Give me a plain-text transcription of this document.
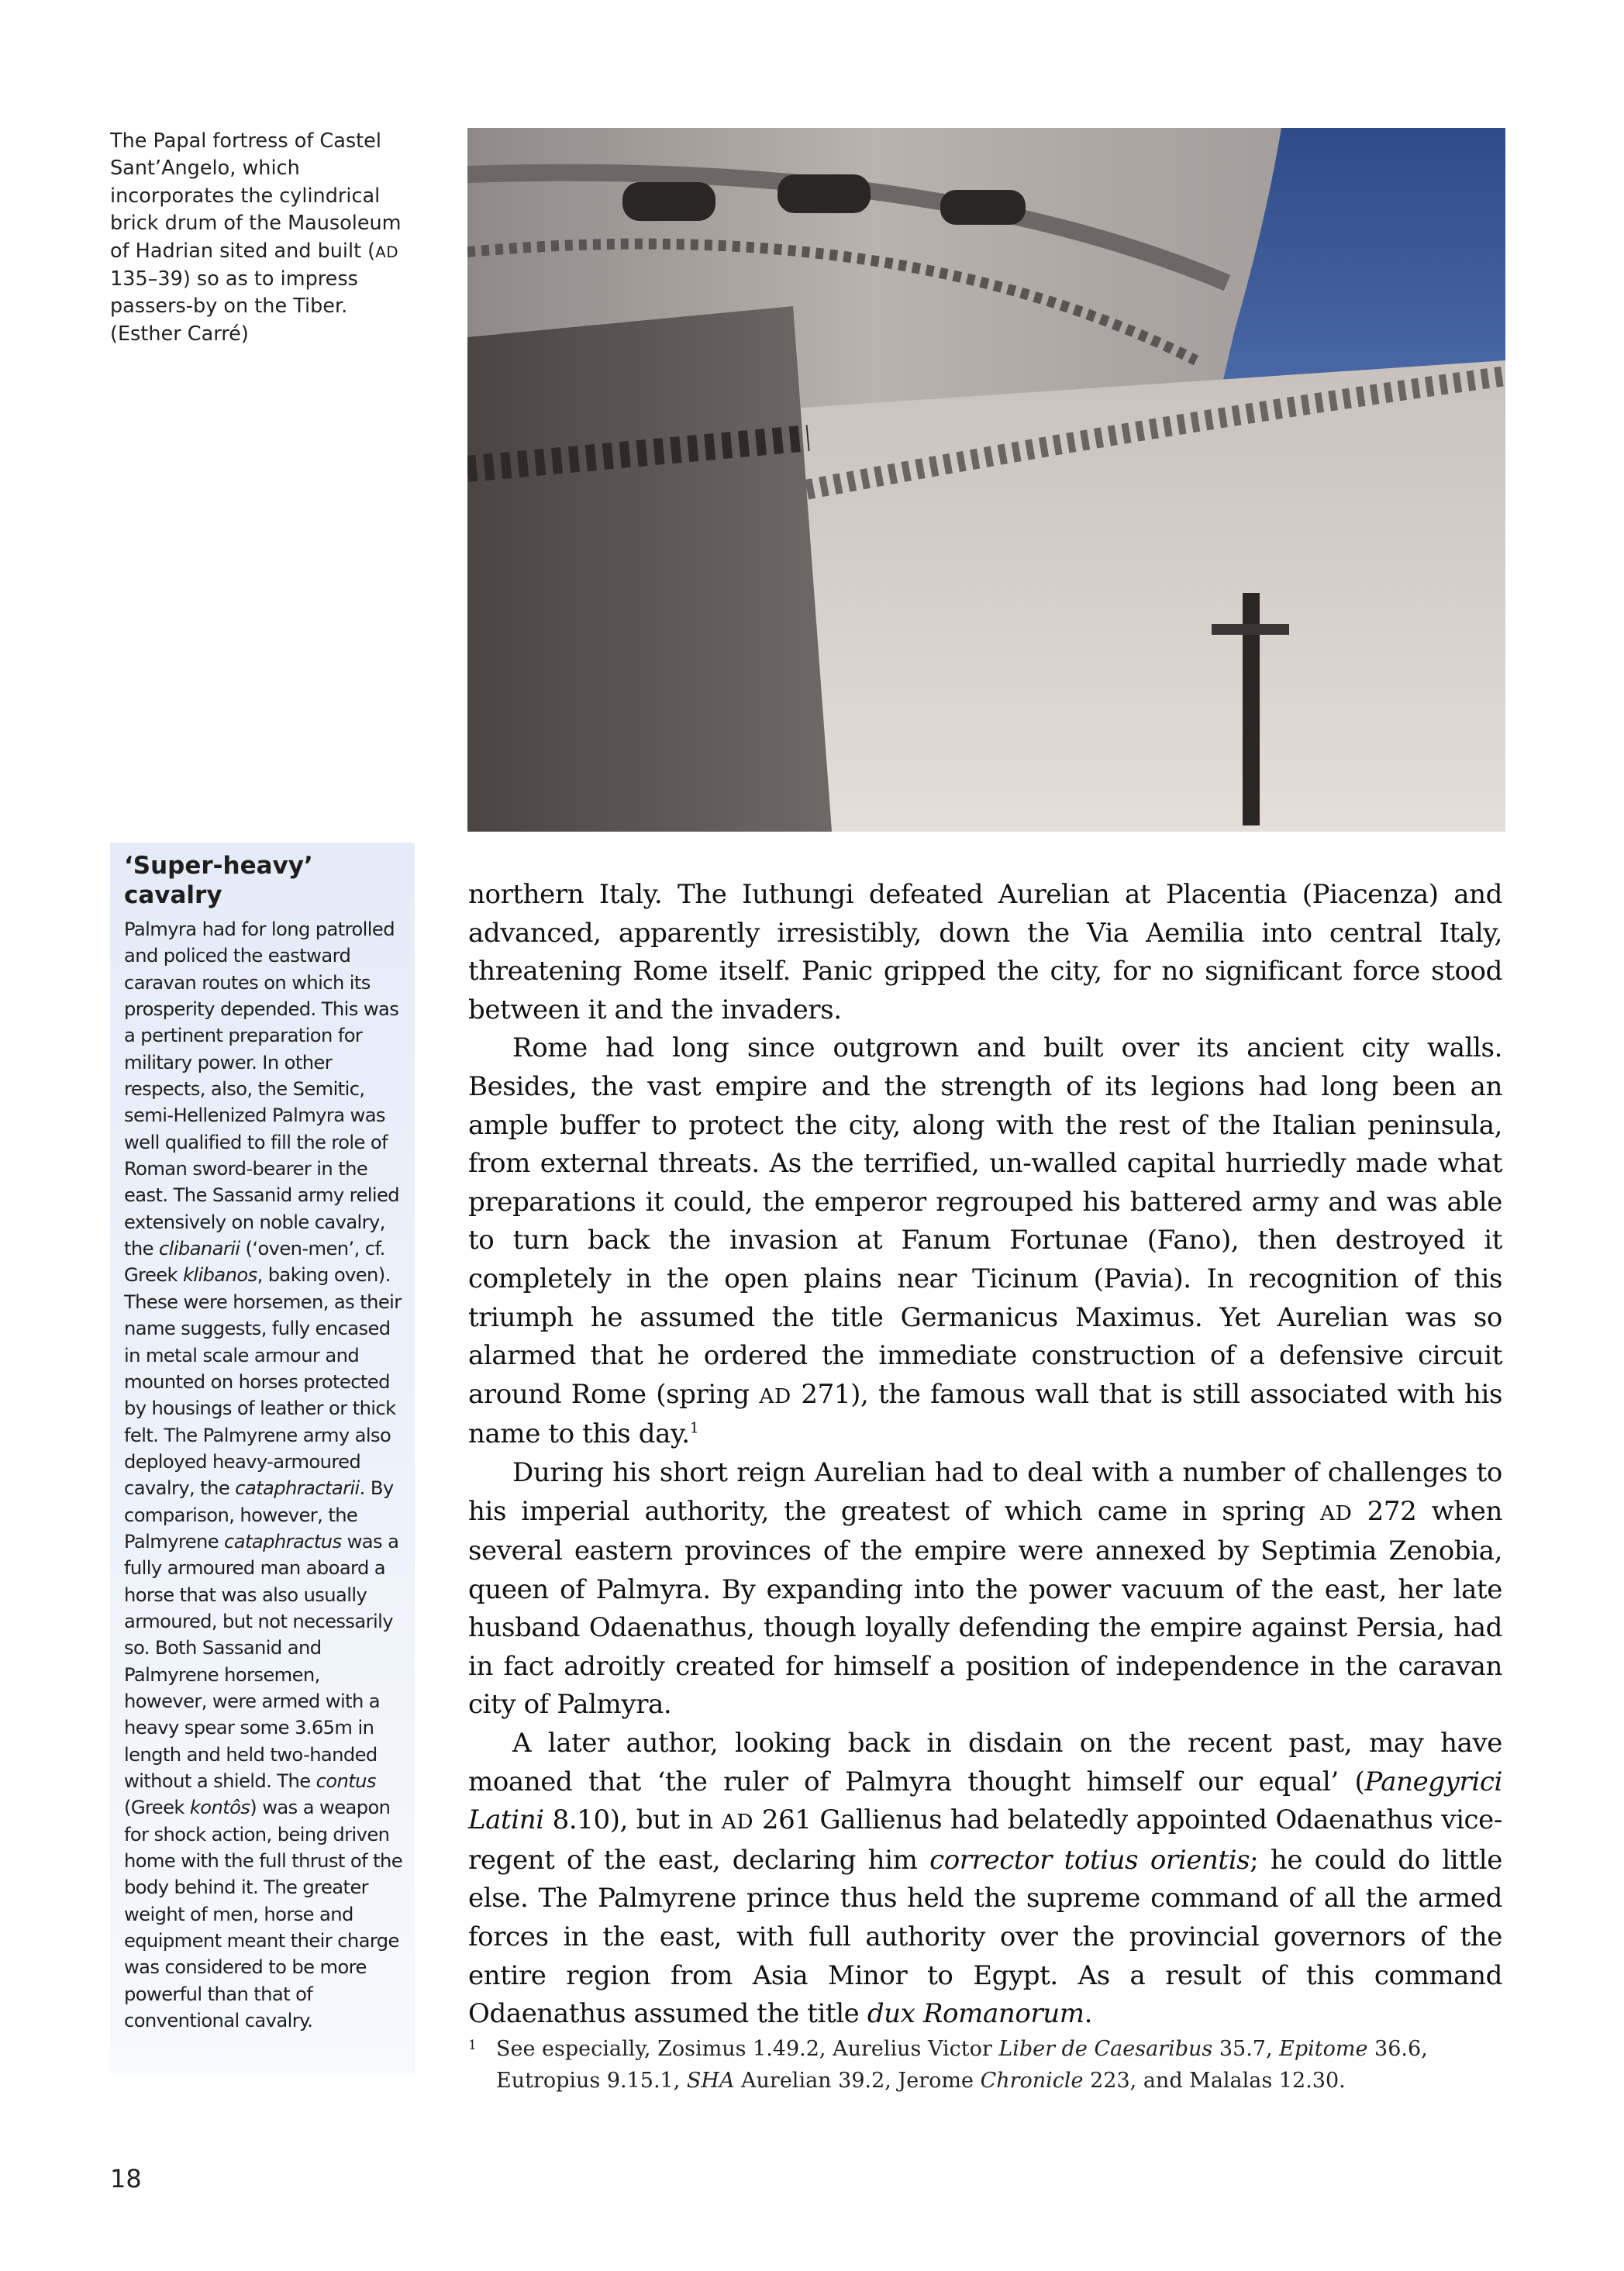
The Papal fortress of Castel Sant’Angelo, which incorporates the cylindrical brick drum of the Mausoleum of Hadrian sited and built (AD 135–39) so as to impress passers-by on the Tiber. (Esther Carré)
‘Super-heavy’ cavalry

Palmyra had for long patrolled and policed the eastward caravan routes on which its prosperity depended. This was a pertinent preparation for military power. In other respects, also, the Semitic, semi-Hellenized Palmyra was well qualified to fill the role of Roman sword-bearer in the east. The Sassanid army relied extensively on noble cavalry, the clibanarii (‘oven-men’, cf. Greek klibanos, baking oven). These were horsemen, as their name suggests, fully encased in metal scale armour and mounted on horses protected by housings of leather or thick felt. The Palmyrene army also deployed heavy-armoured cavalry, the cataphractarii. By comparison, however, the Palmyrene cataphractus was a fully armoured man aboard a horse that was also usually armoured, but not necessarily so. Both Sassanid and Palmyrene horsemen, however, were armed with a heavy spear some 3.65m in length and held two-handed without a shield. The contus (Greek kontôs) was a weapon for shock action, being driven home with the full thrust of the body behind it. The greater weight of men, horse and equipment meant their charge was considered to be more powerful than that of conventional cavalry.

northern Italy. The Iuthungi defeated Aurelian at Placentia (Piacenza) and advanced, apparently irresistibly, down the Via Aemilia into central Italy, threatening Rome itself. Panic gripped the city, for no significant force stood between it and the invaders.

Rome had long since outgrown and built over its ancient city walls. Besides, the vast empire and the strength of its legions had long been an ample buffer to protect the city, along with the rest of the Italian peninsula, from external threats. As the terrified, un-walled capital hurriedly made what preparations it could, the emperor regrouped his battered army and was able to turn back the invasion at Fanum Fortunae (Fano), then destroyed it completely in the open plains near Ticinum (Pavia). In recognition of this triumph he assumed the title Germanicus Maximus. Yet Aurelian was so alarmed that he ordered the immediate construction of a defensive circuit around Rome (spring AD 271), the famous wall that is still associated with his name to this day.$^1$

During his short reign Aurelian had to deal with a number of challenges to his imperial authority, the greatest of which came in spring AD 272 when several eastern provinces of the empire were annexed by Septimia Zenobia, queen of Palmyra. By expanding into the power vacuum of the east, her late husband Odaenathus, though loyally defending the empire against Persia, had in fact adroitly created for himself a position of independence in the caravan city of Palmyra.

A later author, looking back in disdain on the recent past, may have moaned that ‘the ruler of Palmyra thought himself our equal’ (Panegyrici Latini 8.10), but in AD 261 Gallienus had belatedly appointed Odaenathus vice-regent of the east, declaring him corrector totius orientis; he could do little else. The Palmyrene prince thus held the supreme command of all the armed forces in the east, with full authority over the provincial governors of the entire region from Asia Minor to Egypt. As a result of this command Odaenathus assumed the title dux Romanorum.

1 See especially, Zosimus 1.49.2, Aurelius Victor Liber de Caesaribus 35.7, Epitome 36.6, Eutropius 9.15.1, SHA Aurelian 39.2, Jerome Chronicle 223, and Malalas 12.30.
18
